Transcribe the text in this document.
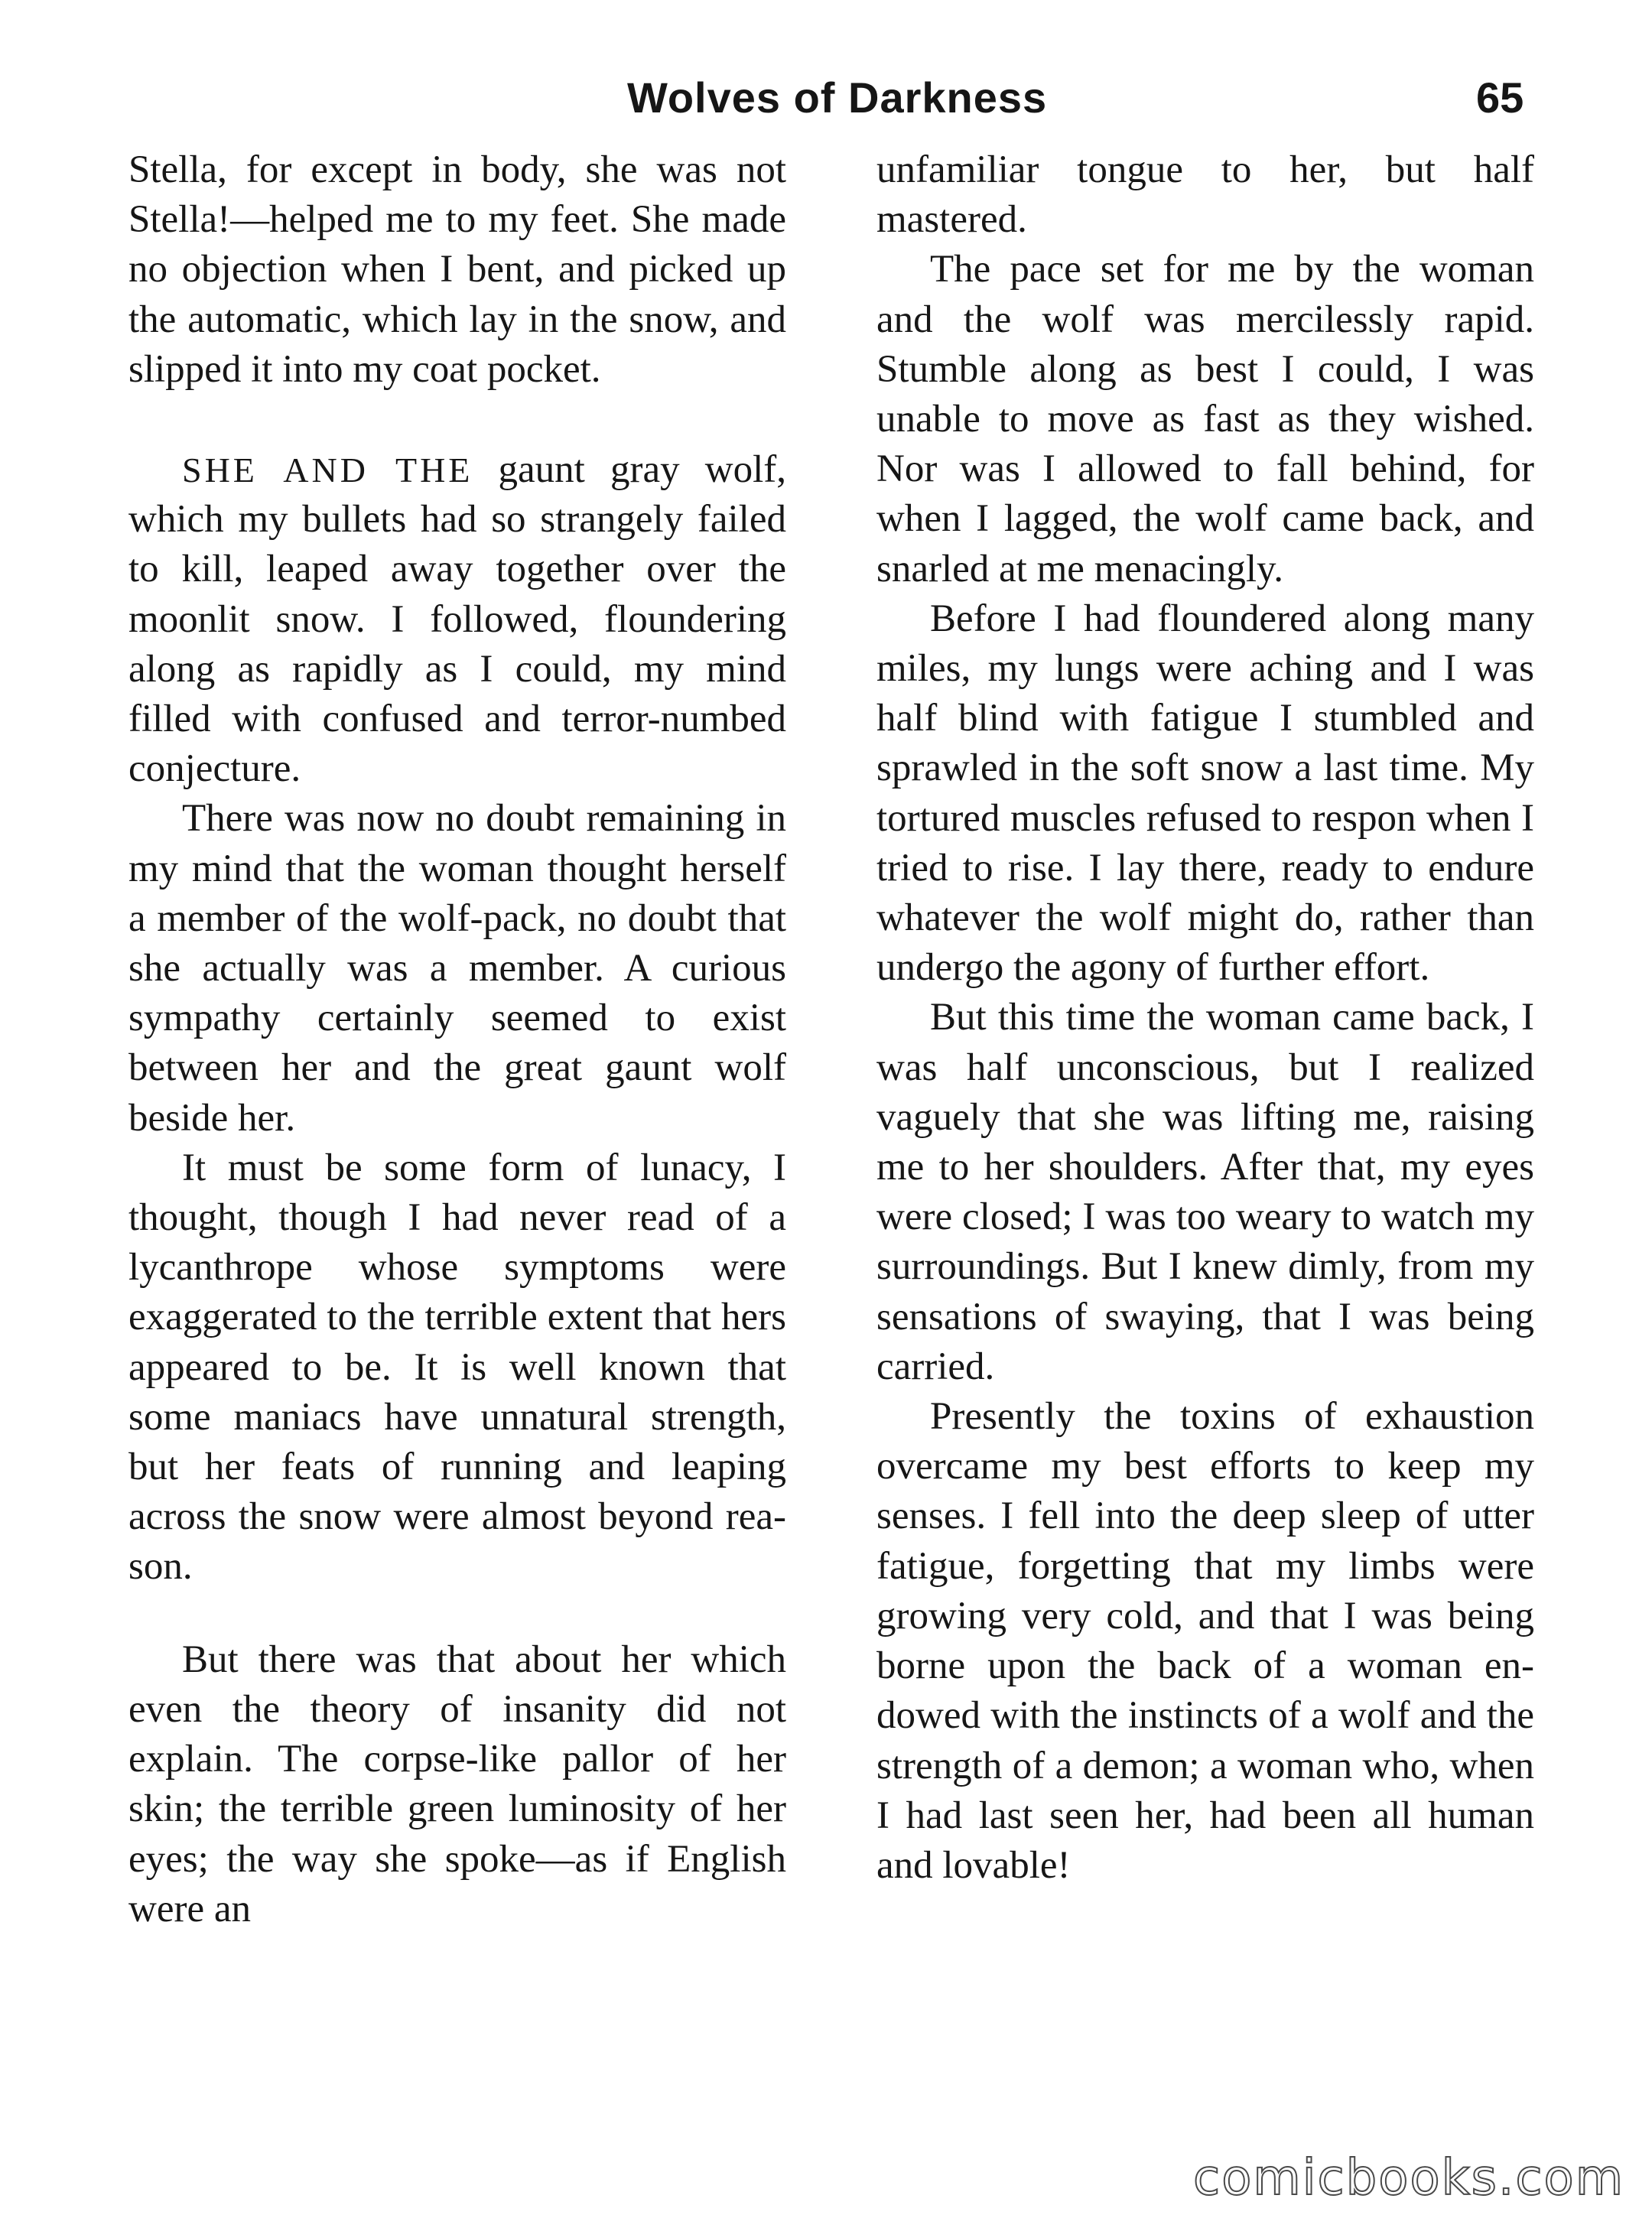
Wolves of Darkness	65

Stella, for except in body, she was not Stella!—helped me to my feet. She made no objection when I bent, and picked up the automatic, which lay in the snow, and slipped it into my coat pocket.

SHE AND THE gaunt gray wolf, which my bullets had so strangely failed to kill, leaped away together over the moonlit snow. I followed, floundering along as rapidly as I could, my mind filled with confused and terror-numbed conjecture.

There was now no doubt remaining in my mind that the woman thought herself a member of the wolf-pack, no doubt that she actually was a member. A curious sympathy certainly seemed to exist between her and the great gaunt wolf beside her.

It must be some form of lunacy, I thought, though I had never read of a lycanthrope whose symptoms were exaggerated to the terrible extent that hers appeared to be. It is well known that some maniacs have unnatural strength, but her feats of running and leaping across the snow were almost beyond reason.

But there was that about her which even the theory of insanity did not explain. The corpse-like pallor of her skin; the terrible green luminosity of her eyes; the way she spoke—as if English were an

unfamiliar tongue to her, but half mastered.

The pace set for me by the woman and the wolf was mercilessly rapid. Stumble along as best I could, I was unable to move as fast as they wished. Nor was I allowed to fall behind, for when I lagged, the wolf came back, and snarled at me menacingly.

Before I had floundered along many miles, my lungs were aching and I was half blind with fatigue I stumbled and sprawled in the soft snow a last time. My tortured muscles refused to respon when I tried to rise. I lay there, ready to endure whatever the wolf might do, rather than undergo the agony of further effort.

But this time the woman came back, I was half unconscious, but I realized vaguely that she was lifting me, raising me to her shoulders. After that, my eyes were closed; I was too weary to watch my surroundings. But I knew dimly, from my sensations of swaying, that I was being carried.

Presently the toxins of exhaustion overcame my best efforts to keep my senses. I fell into the deep sleep of utter fatigue, forgetting that my limbs were growing very cold, and that I was being borne upon the back of a woman endowed with the instincts of a wolf and the strength of a demon; a woman who, when I had last seen her, had been all human and lovable!

comicbooks.com
